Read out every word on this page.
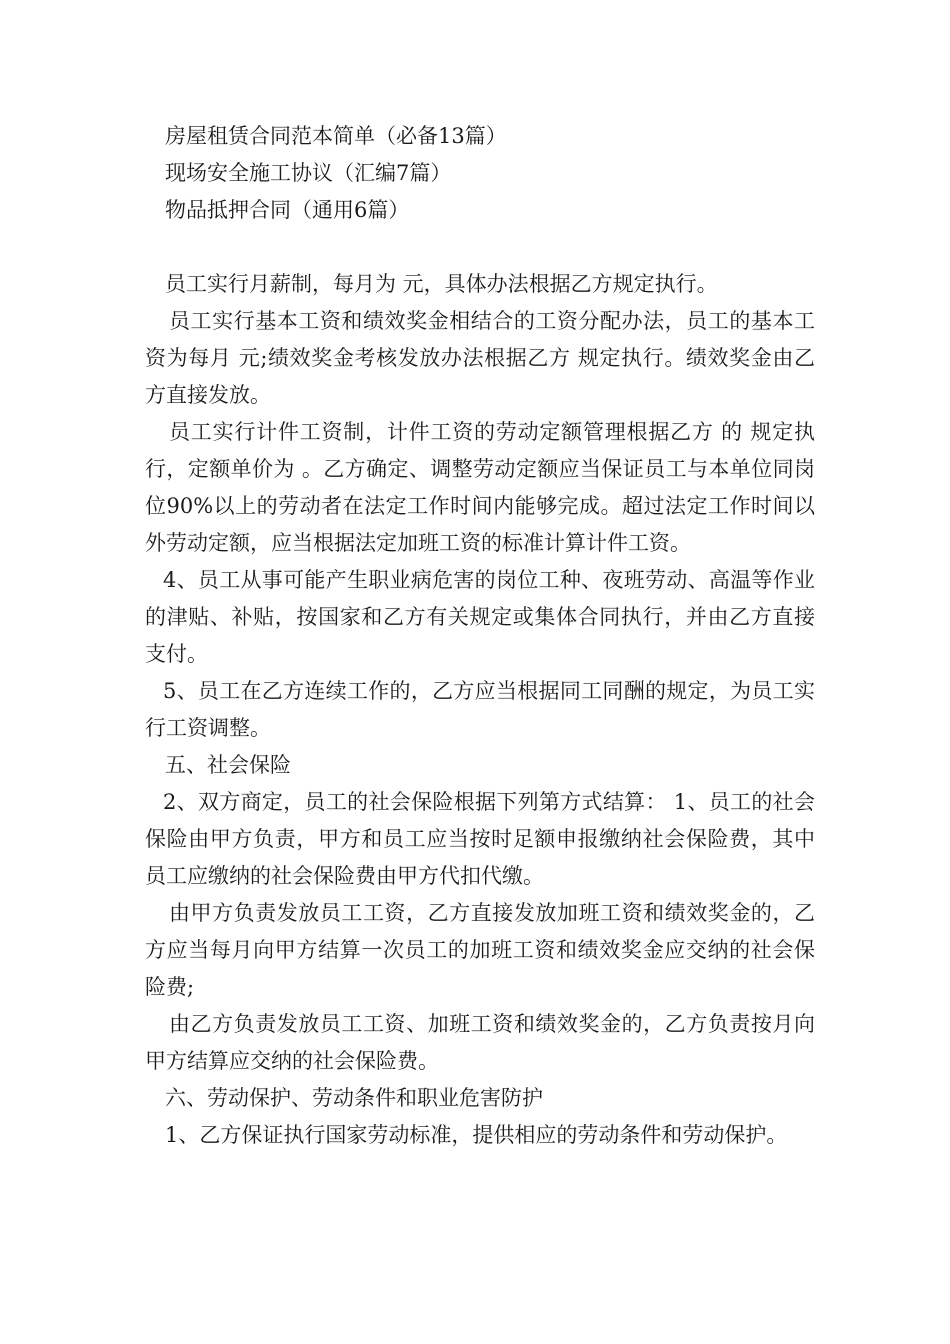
房屋租赁合同范本简单（必备13篇）
现场安全施工协议（汇编7篇）
物品抵押合同（通用6篇）

员工实行月薪制，每月为 元，具体办法根据乙方规定执行。

员工实行基本工资和绩效奖金相结合的工资分配办法，员工的基本工资为每月 元;绩效奖金考核发放办法根据乙方 规定执行。绩效奖金由乙方直接发放。

员工实行计件工资制，计件工资的劳动定额管理根据乙方 的 规定执行，定额单价为 。乙方确定、调整劳动定额应当保证员工与本单位同岗位90%以上的劳动者在法定工作时间内能够完成。超过法定工作时间以外劳动定额，应当根据法定加班工资的标准计算计件工资。

4、员工从事可能产生职业病危害的岗位工种、夜班劳动、高温等作业的津贴、补贴，按国家和乙方有关规定或集体合同执行，并由乙方直接支付。

5、员工在乙方连续工作的，乙方应当根据同工同酬的规定，为员工实行工资调整。

五、社会保险

2、双方商定，员工的社会保险根据下列第方式结算： 1、员工的社会保险由甲方负责，甲方和员工应当按时足额申报缴纳社会保险费，其中员工应缴纳的社会保险费由甲方代扣代缴。

由甲方负责发放员工工资，乙方直接发放加班工资和绩效奖金的，乙方应当每月向甲方结算一次员工的加班工资和绩效奖金应交纳的社会保险费;

由乙方负责发放员工工资、加班工资和绩效奖金的，乙方负责按月向甲方结算应交纳的社会保险费。

六、劳动保护、劳动条件和职业危害防护

1、乙方保证执行国家劳动标准，提供相应的劳动条件和劳动保护。
